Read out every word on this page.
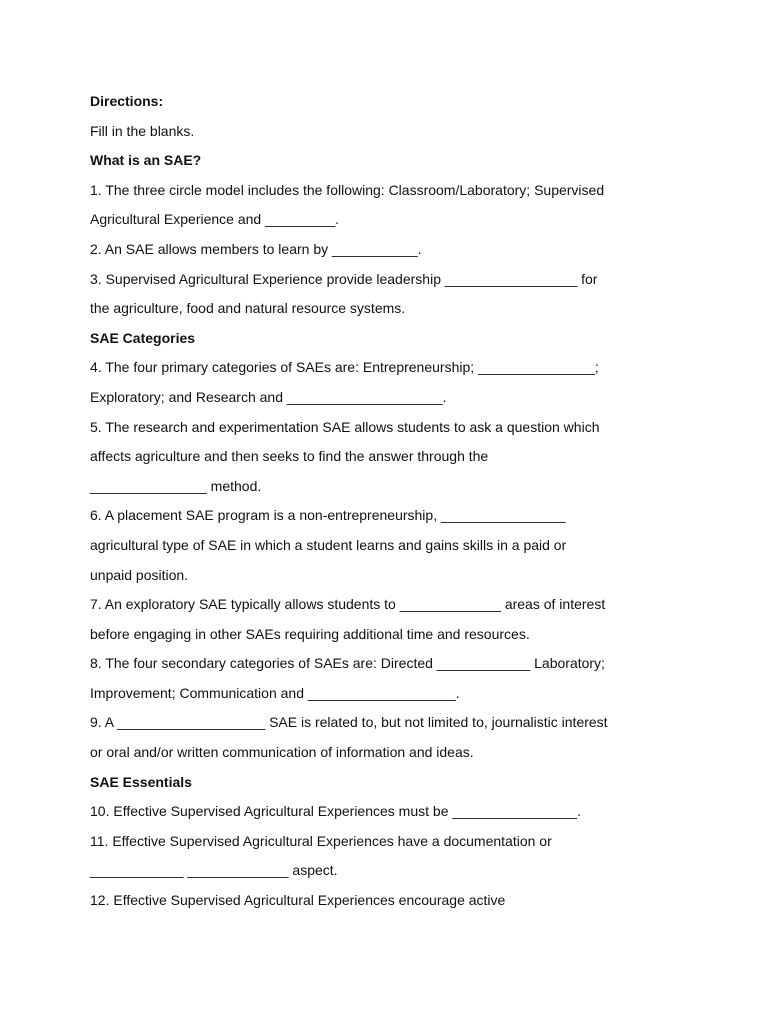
Directions:
Fill in the blanks.
What is an SAE?
1. The three circle model includes the following: Classroom/Laboratory; Supervised
Agricultural Experience and _________.
2. An SAE allows members to learn by ___________.
3. Supervised Agricultural Experience provide leadership _________________ for
the agriculture, food and natural resource systems.
SAE Categories
4. The four primary categories of SAEs are: Entrepreneurship; _______________;
Exploratory; and Research and ____________________.
5. The research and experimentation SAE allows students to ask a question which
affects agriculture and then seeks to find the answer through the
_______________ method.
6. A placement SAE program is a non-entrepreneurship, ________________
agricultural type of SAE in which a student learns and gains skills in a paid or
unpaid position.
7. An exploratory SAE typically allows students to _____________ areas of interest
before engaging in other SAEs requiring additional time and resources.
8. The four secondary categories of SAEs are: Directed ____________ Laboratory;
Improvement; Communication and ___________________.
9. A ___________________ SAE is related to, but not limited to, journalistic interest
or oral and/or written communication of information and ideas.
SAE Essentials
10. Effective Supervised Agricultural Experiences must be ________________.
11. Effective Supervised Agricultural Experiences have a documentation or
____________ _____________ aspect.
12. Effective Supervised Agricultural Experiences encourage active
